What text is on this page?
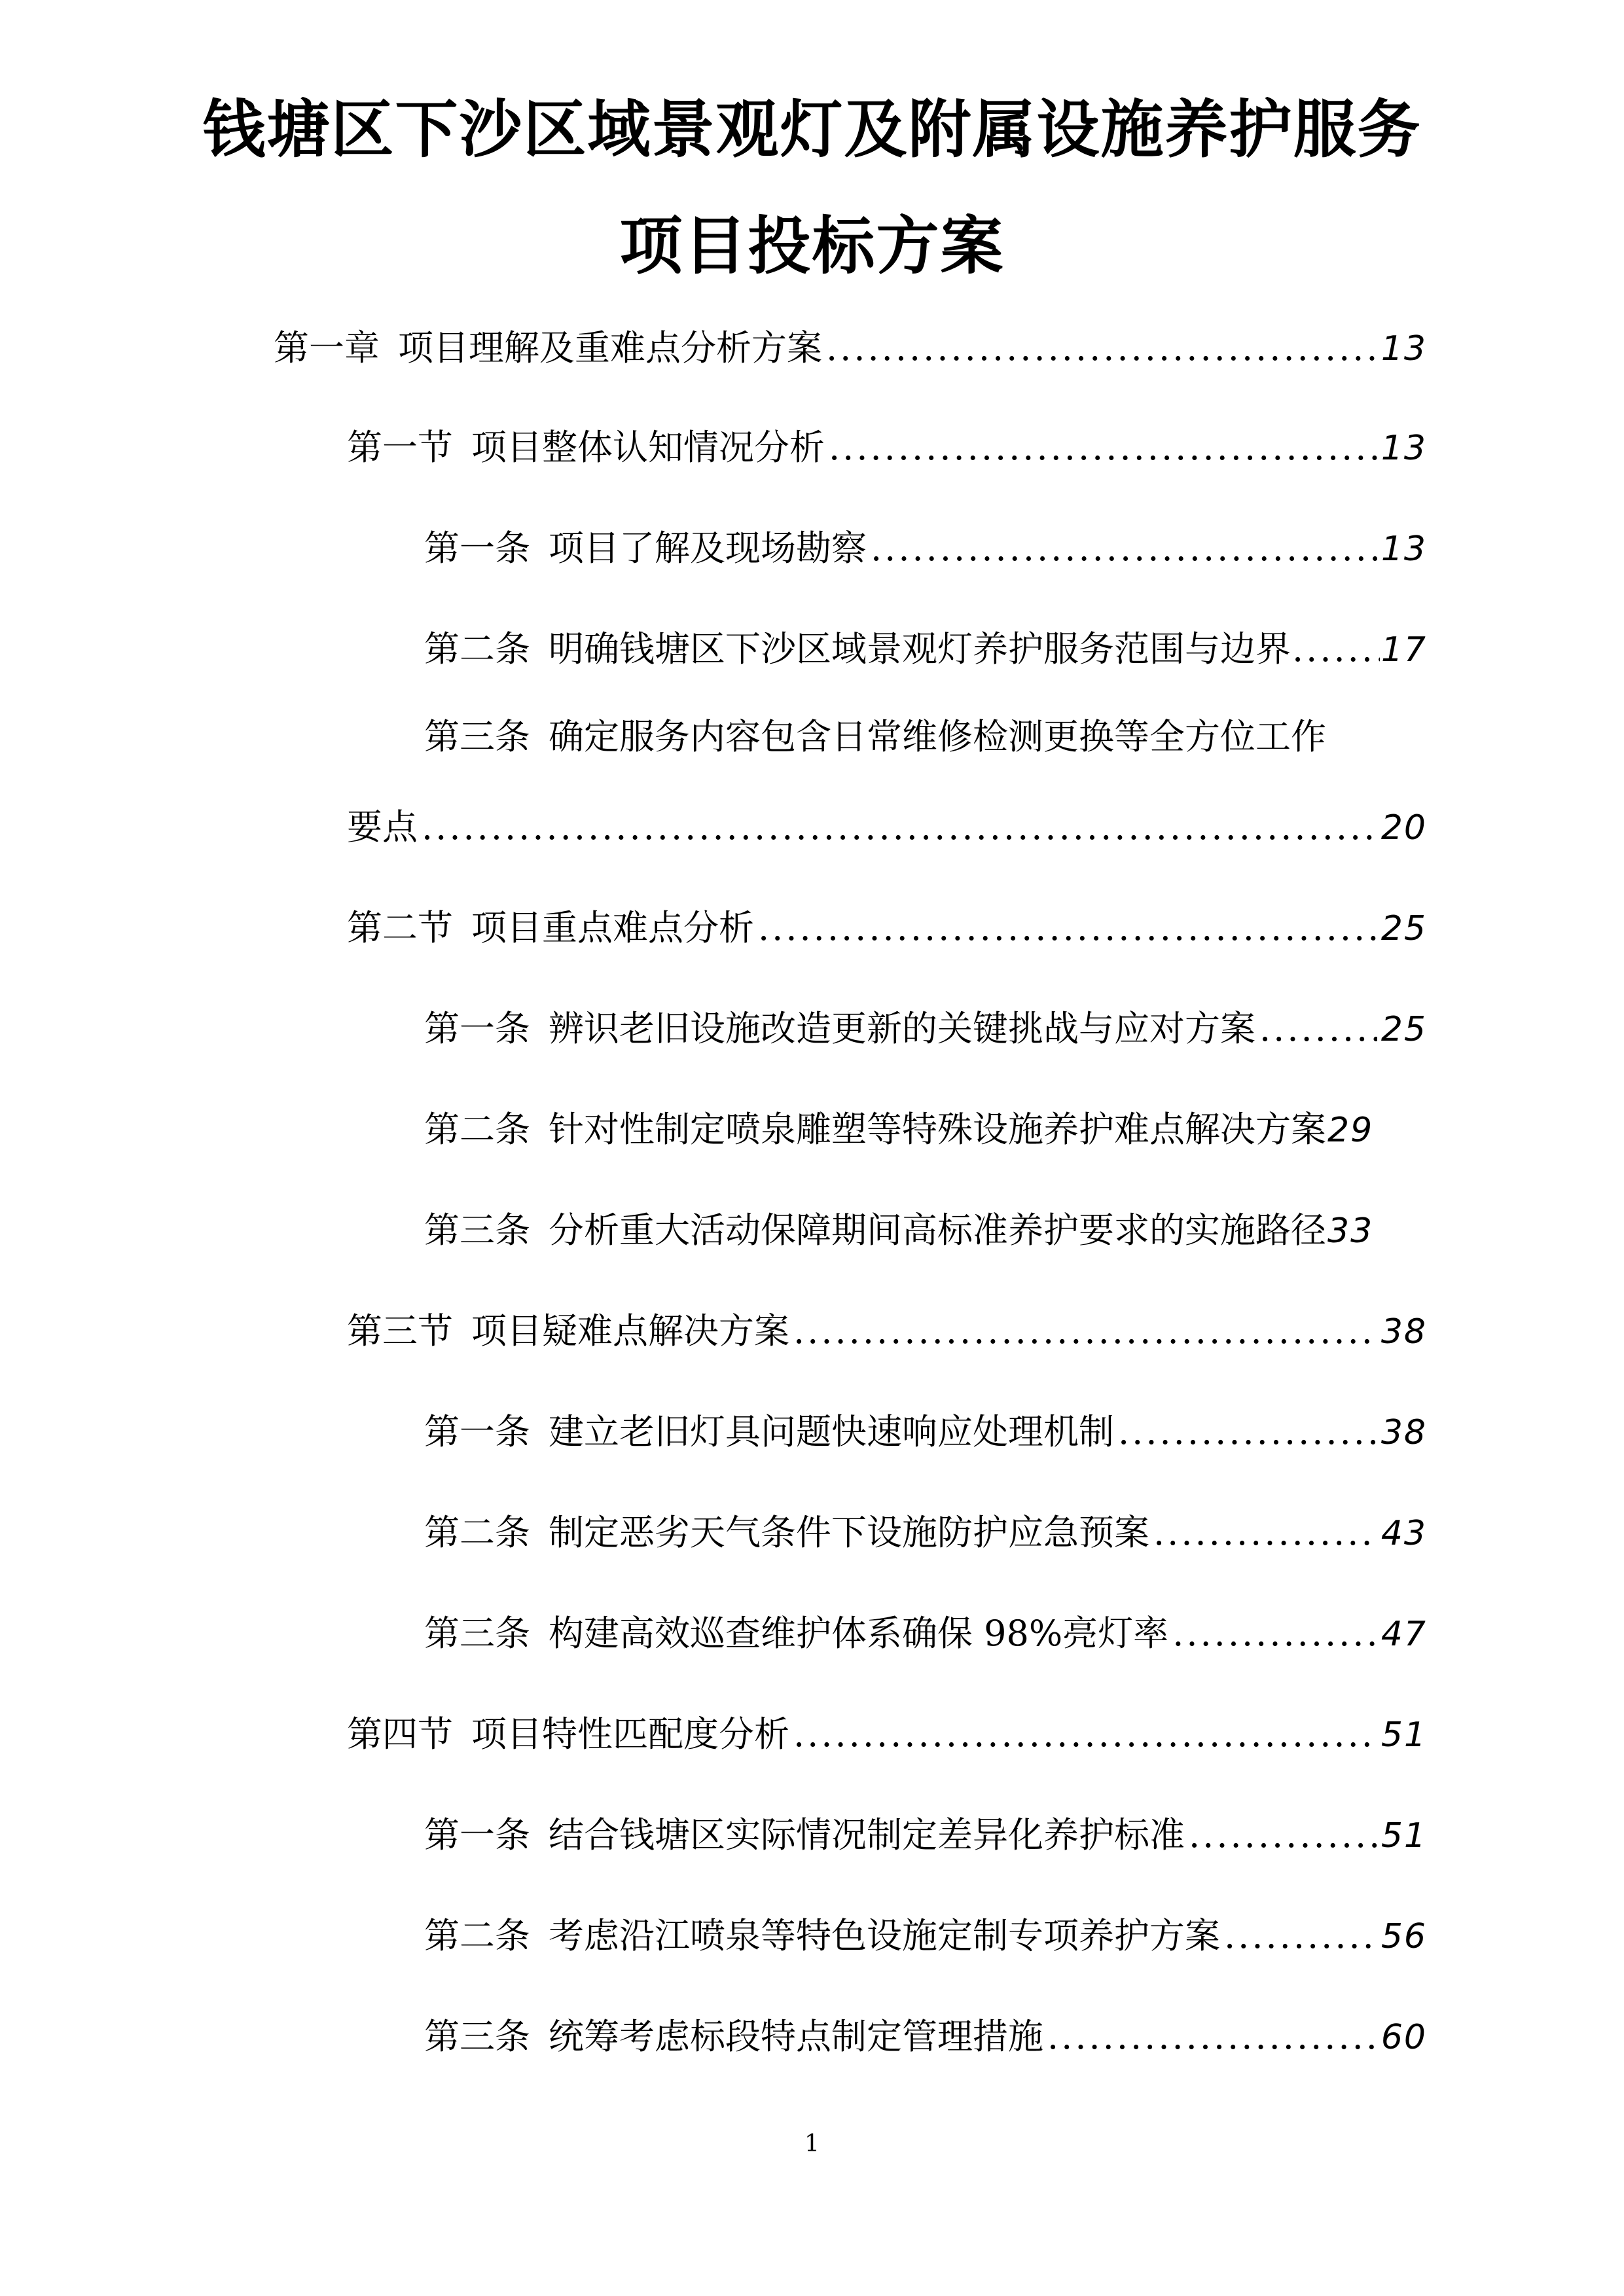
钱塘区下沙区域景观灯及附属设施养护服务
项目投标方案
第一章 项目理解及重难点分析方案 .....	13
第一节 项目整体认知情况分析 .....	13
第一条 项目了解及现场勘察 .....	13
第二条 明确钱塘区下沙区域景观灯养护服务范围与边界 .....	17
第三条 确定服务内容包含日常维修检测更换等全方位工作
要点 .....	20
第二节 项目重点难点分析 .....	25
第一条 辨识老旧设施改造更新的关键挑战与应对方案 .....	25
第二条 针对性制定喷泉雕塑等特殊设施养护难点解决方案 29
第三条 分析重大活动保障期间高标准养护要求的实施路径 33
第三节 项目疑难点解决方案 .....	38
第一条 建立老旧灯具问题快速响应处理机制 .....	38
第二条 制定恶劣天气条件下设施防护应急预案 .....	43
第三条 构建高效巡查维护体系确保 98%亮灯率 .....	47
第四节 项目特性匹配度分析 .....	51
第一条 结合钱塘区实际情况制定差异化养护标准 .....	51
第二条 考虑沿江喷泉等特色设施定制专项养护方案 .....	56
第三条 统筹考虑标段特点制定管理措施 .....	60
1
